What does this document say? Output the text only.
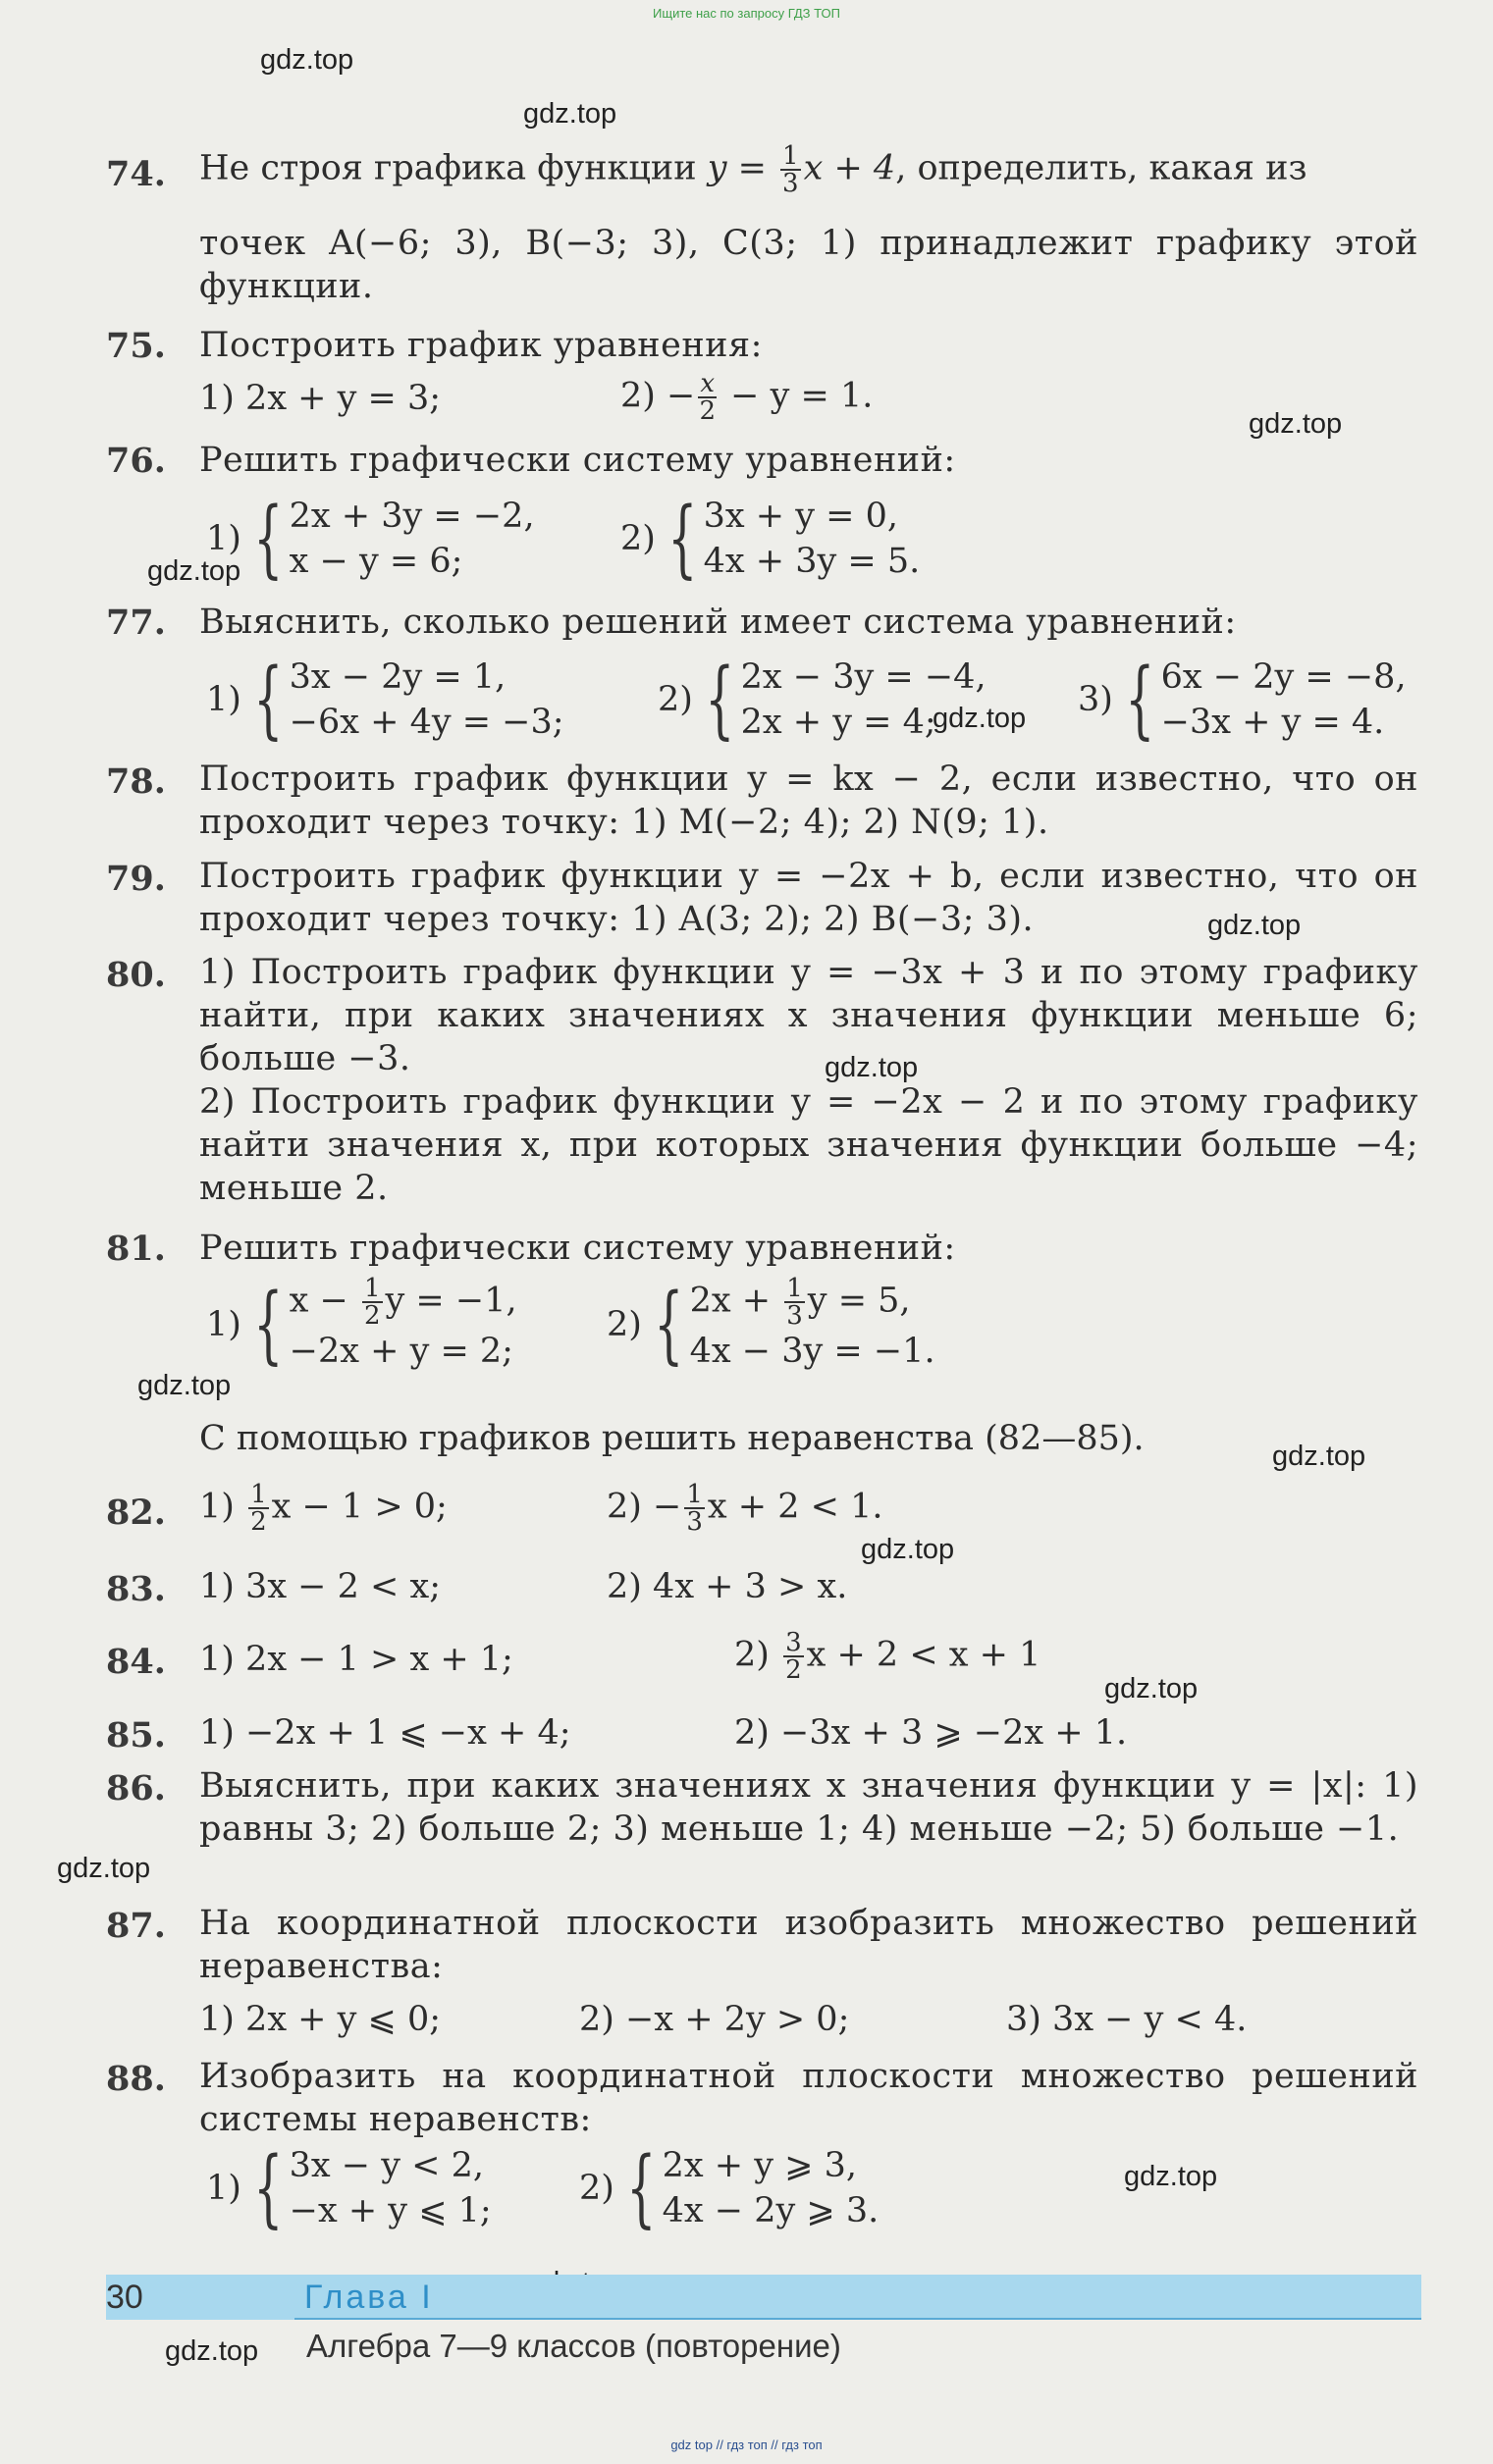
Ищите нас по запросу ГДЗ ТОП
gdz.top
gdz.top
gdz.top
gdz.top
gdz.top
gdz.top
gdz.top
gdz.top
gdz.top
gdz.top
gdz.top
gdz.top
gdz.top
gdz.top
74. Не строя графика функции $y = \frac{1}{3}$ x + 4, определить, какая из
точек A(−6; 3), B(−3; 3), C(3; 1) принадлежит графику этой функции.
75. Построить график уравнения:
1) 2x + y = 3;	$2) - \frac{x}{2} - y = 1$.
76. Решить графически систему уравнений:
1) { 2x + 3y = −2,
x − y = 6;
2) { 3x + y = 0,
4x + 3y = 5.
77. Выяснить, сколько решений имеет система уравнений:
1) { 3x − 2y = 1,
−6x + 4y = −3;
2) { 2x − 3y = −4,
2x + y = 4;
3) { 6x − 2y = −8,
−3x + y = 4.
78. Построить график функции y = kx − 2, если известно, что он проходит через точку: 1) M(−2; 4); 2) N(9; 1).
79. Построить график функции y = −2x + b, если известно, что он проходит через точку: 1) A(3; 2); 2) B(−3; 3).
80. 1) Построить график функции y = −3x + 3 и по этому графику найти, при каких значениях x значения функции меньше 6; больше −3.
2) Построить график функции y = −2x − 2 и по этому графику найти значения x, при которых значения функции больше −4; меньше 2.
81. Решить графически систему уравнений:
1) { $x - \frac{1}{2}$ y = −1,
−2x + y = 2;
2) { $2x + \frac{1}{3}$ y = 5,
4x − 3y = −1.
С помощью графиков решить неравенства (82—85).
82. $1) \frac{1}{2}$ x − 1 > 0;	$2) - \frac{1}{3}$ x + 2 < 1.
83. 1) 3x − 2 < x;	2) 4x + 3 > x.
84. 1) 2x − 1 > x + 1;	$2) \frac{3}{2}$ x + 2 < x + 1
85. 1) −2x + 1 ⩽ −x + 4;	2) −3x + 3 ⩾ −2x + 1.
86. Выяснить, при каких значениях x значения функции y = |x|: 1) равны 3; 2) больше 2; 3) меньше 1; 4) меньше −2; 5) больше −1.
87. На координатной плоскости изобразить множество решений неравенства:
1) 2x + y ⩽ 0;	2) −x + 2y > 0;	3) 3x − y < 4.
88. Изобразить на координатной плоскости множество решений системы неравенств:
1) { 3x − y < 2,
−x + y ⩽ 1;
2) { 2x + y ⩾ 3,
4x − 2y ⩾ 3.
30	Глава I
Алгебра 7—9 классов (повторение)
gdz top // гдз топ // гдз топ
